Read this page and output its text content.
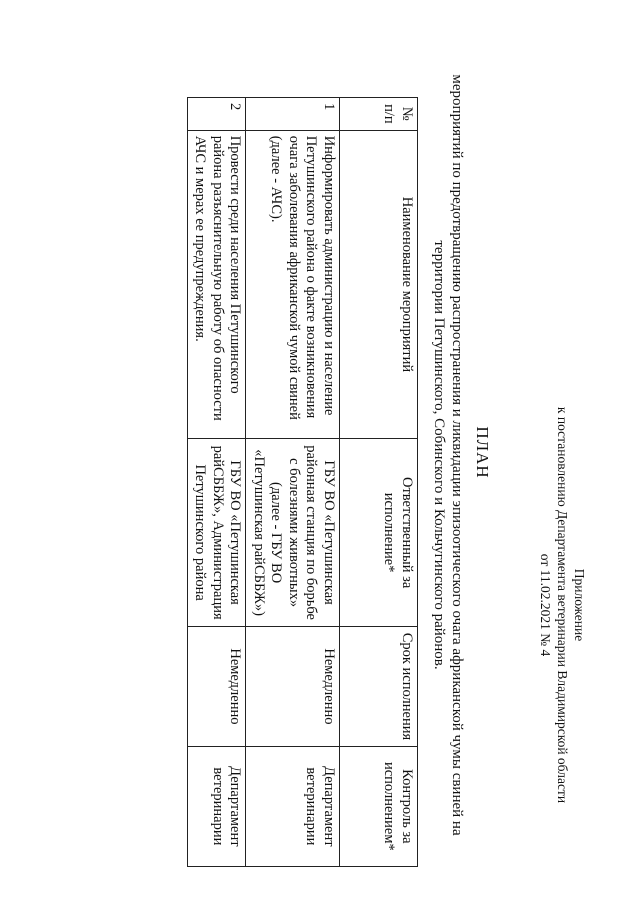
Приложение
к постановлению Департамента ветеринарии Владимирской области
от 11.02.2021 № 4
ПЛАН
мероприятий по предотвращению распространения и ликвидации эпизоотического очага африканской чумы свиней на территории Петушинского, Собинского и Кольчугинского районов.
№ п/п	Наименование мероприятий	Ответственный за исполнение*	Срок исполнения	Контроль за исполнением*
1	Информировать администрацию и население Петушинского района о факте возникновения очага заболевания африканской чумой свиней (далее - АЧС).	ГБУ ВО «Петушинская районная станция по борьбе с болезнями животных» (далее - ГБУ ВО «Петушинская райСББЖ»)	Немедленно	Департамент ветеринарии
2	Провести среди населения Петушинского района разъяснительную работу об опасности АЧС и мерах ее предупреждения.	ГБУ ВО «Петушинская райСББЖ», Администрация Петушинского района	Немедленно	Департамент ветеринарии
